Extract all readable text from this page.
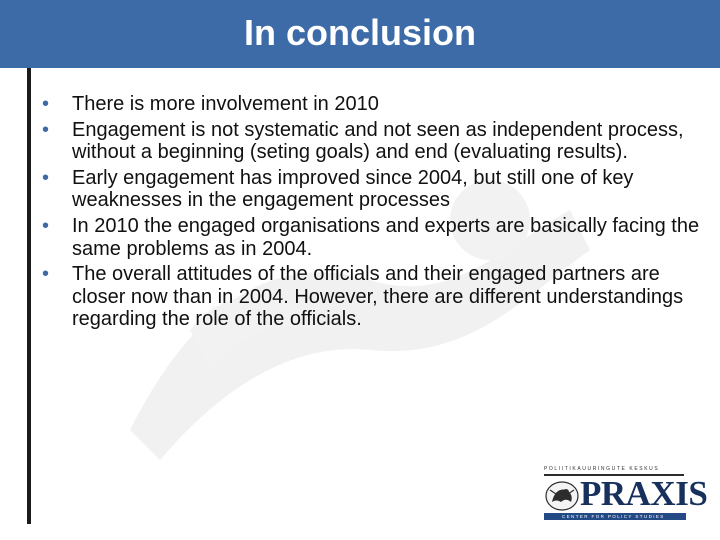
In conclusion
• There is more involvement in 2010
• Engagement is not systematic and not seen as independent process, without a beginning (seting goals) and end (evaluating results).
• Early engagement has improved since 2004, but still one of key weaknesses in the engagement processes
• In 2010 the engaged organisations and experts are basically facing the same problems as in 2004.
• The overall attitudes of the officials and their engaged partners are closer now than in 2004. However, there are different understandings regarding the role of the officials.
POLIITIKAUURINGUTE KESKUS
PRAXIS
CENTER FOR POLICY STUDIES
